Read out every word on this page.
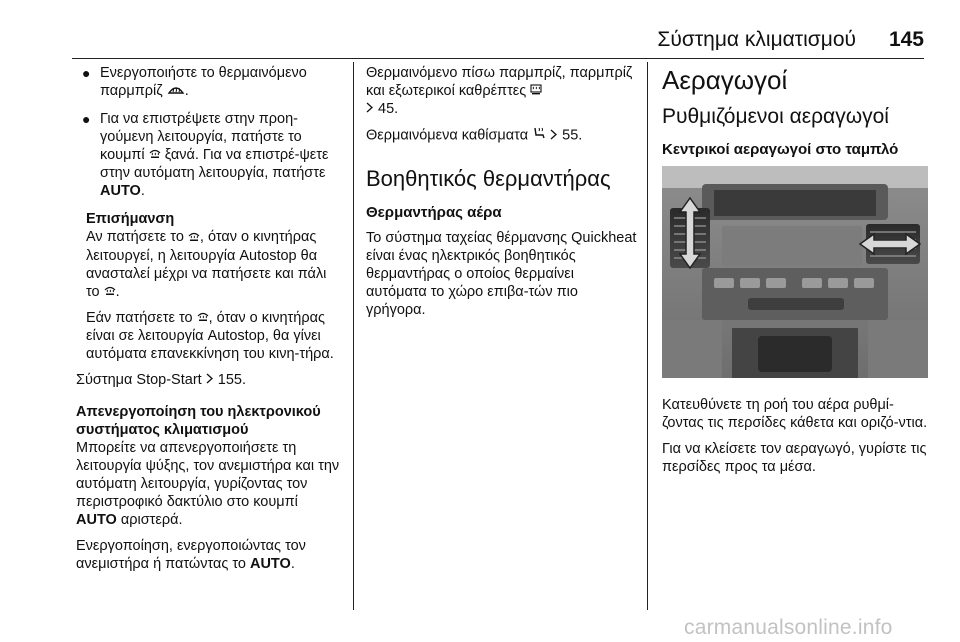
Σύστημα κλιματισμού 145
● Ενεργοποιήστε το θερμαινόμενο παρμπρίζ .
● Για να επιστρέψετε στην προη-γούμενη λειτουργία, πατήστε το κουμπί ξανά. Για να επιστρέ-ψετε στην αυτόματη λειτουργία, πατήστε AUTO.

Επισήμανση

Αν πατήσετε το , όταν ο κινητήρας λειτουργεί, η λειτουργία Autostop θα ανασταλεί μέχρι να πατήσετε και πάλι το .

Εάν πατήσετε το , όταν ο κινητήρας είναι σε λειτουργία Autostop, θα γίνει αυτόματα επανεκκίνηση του κινη-τήρα.

Σύστημα Stop-Start 155.

Απενεργοποίηση του ηλεκτρονικού συστήματος κλιματισμού

Μπορείτε να απενεργοποιήσετε τη λειτουργία ψύξης, τον ανεμιστήρα και την αυτόματη λειτουργία, γυρίζοντας τον περιστροφικό δακτύλιο στο κουμπί AUTO αριστερά.

Ενεργοποίηση, ενεργοποιώντας τον ανεμιστήρα ή πατώντας το AUTO.

Θερμαινόμενο πίσω παρμπρίζ, παρμπρίζ και εξωτερικοί καθρέπτες
45.

Θερμαινόμενα καθίσματα 55.

Βοηθητικός θερμαντήρας

Θερμαντήρας αέρα

Το σύστημα ταχείας θέρμανσης Quickheat είναι ένας ηλεκτρικός βοηθητικός θερμαντήρας ο οποίος θερμαίνει αυτόματα το χώρο επιβα-τών πιο γρήγορα.

Αεραγωγοί

Ρυθμιζόμενοι αεραγωγοί

Κεντρικοί αεραγωγοί στο ταμπλό

Κατευθύνετε τη ροή του αέρα ρυθμί-ζοντας τις περσίδες κάθετα και οριζό-ντια.

Για να κλείσετε τον αεραγωγό, γυρίστε τις περσίδες προς τα μέσα.

carmanualsonline.info
